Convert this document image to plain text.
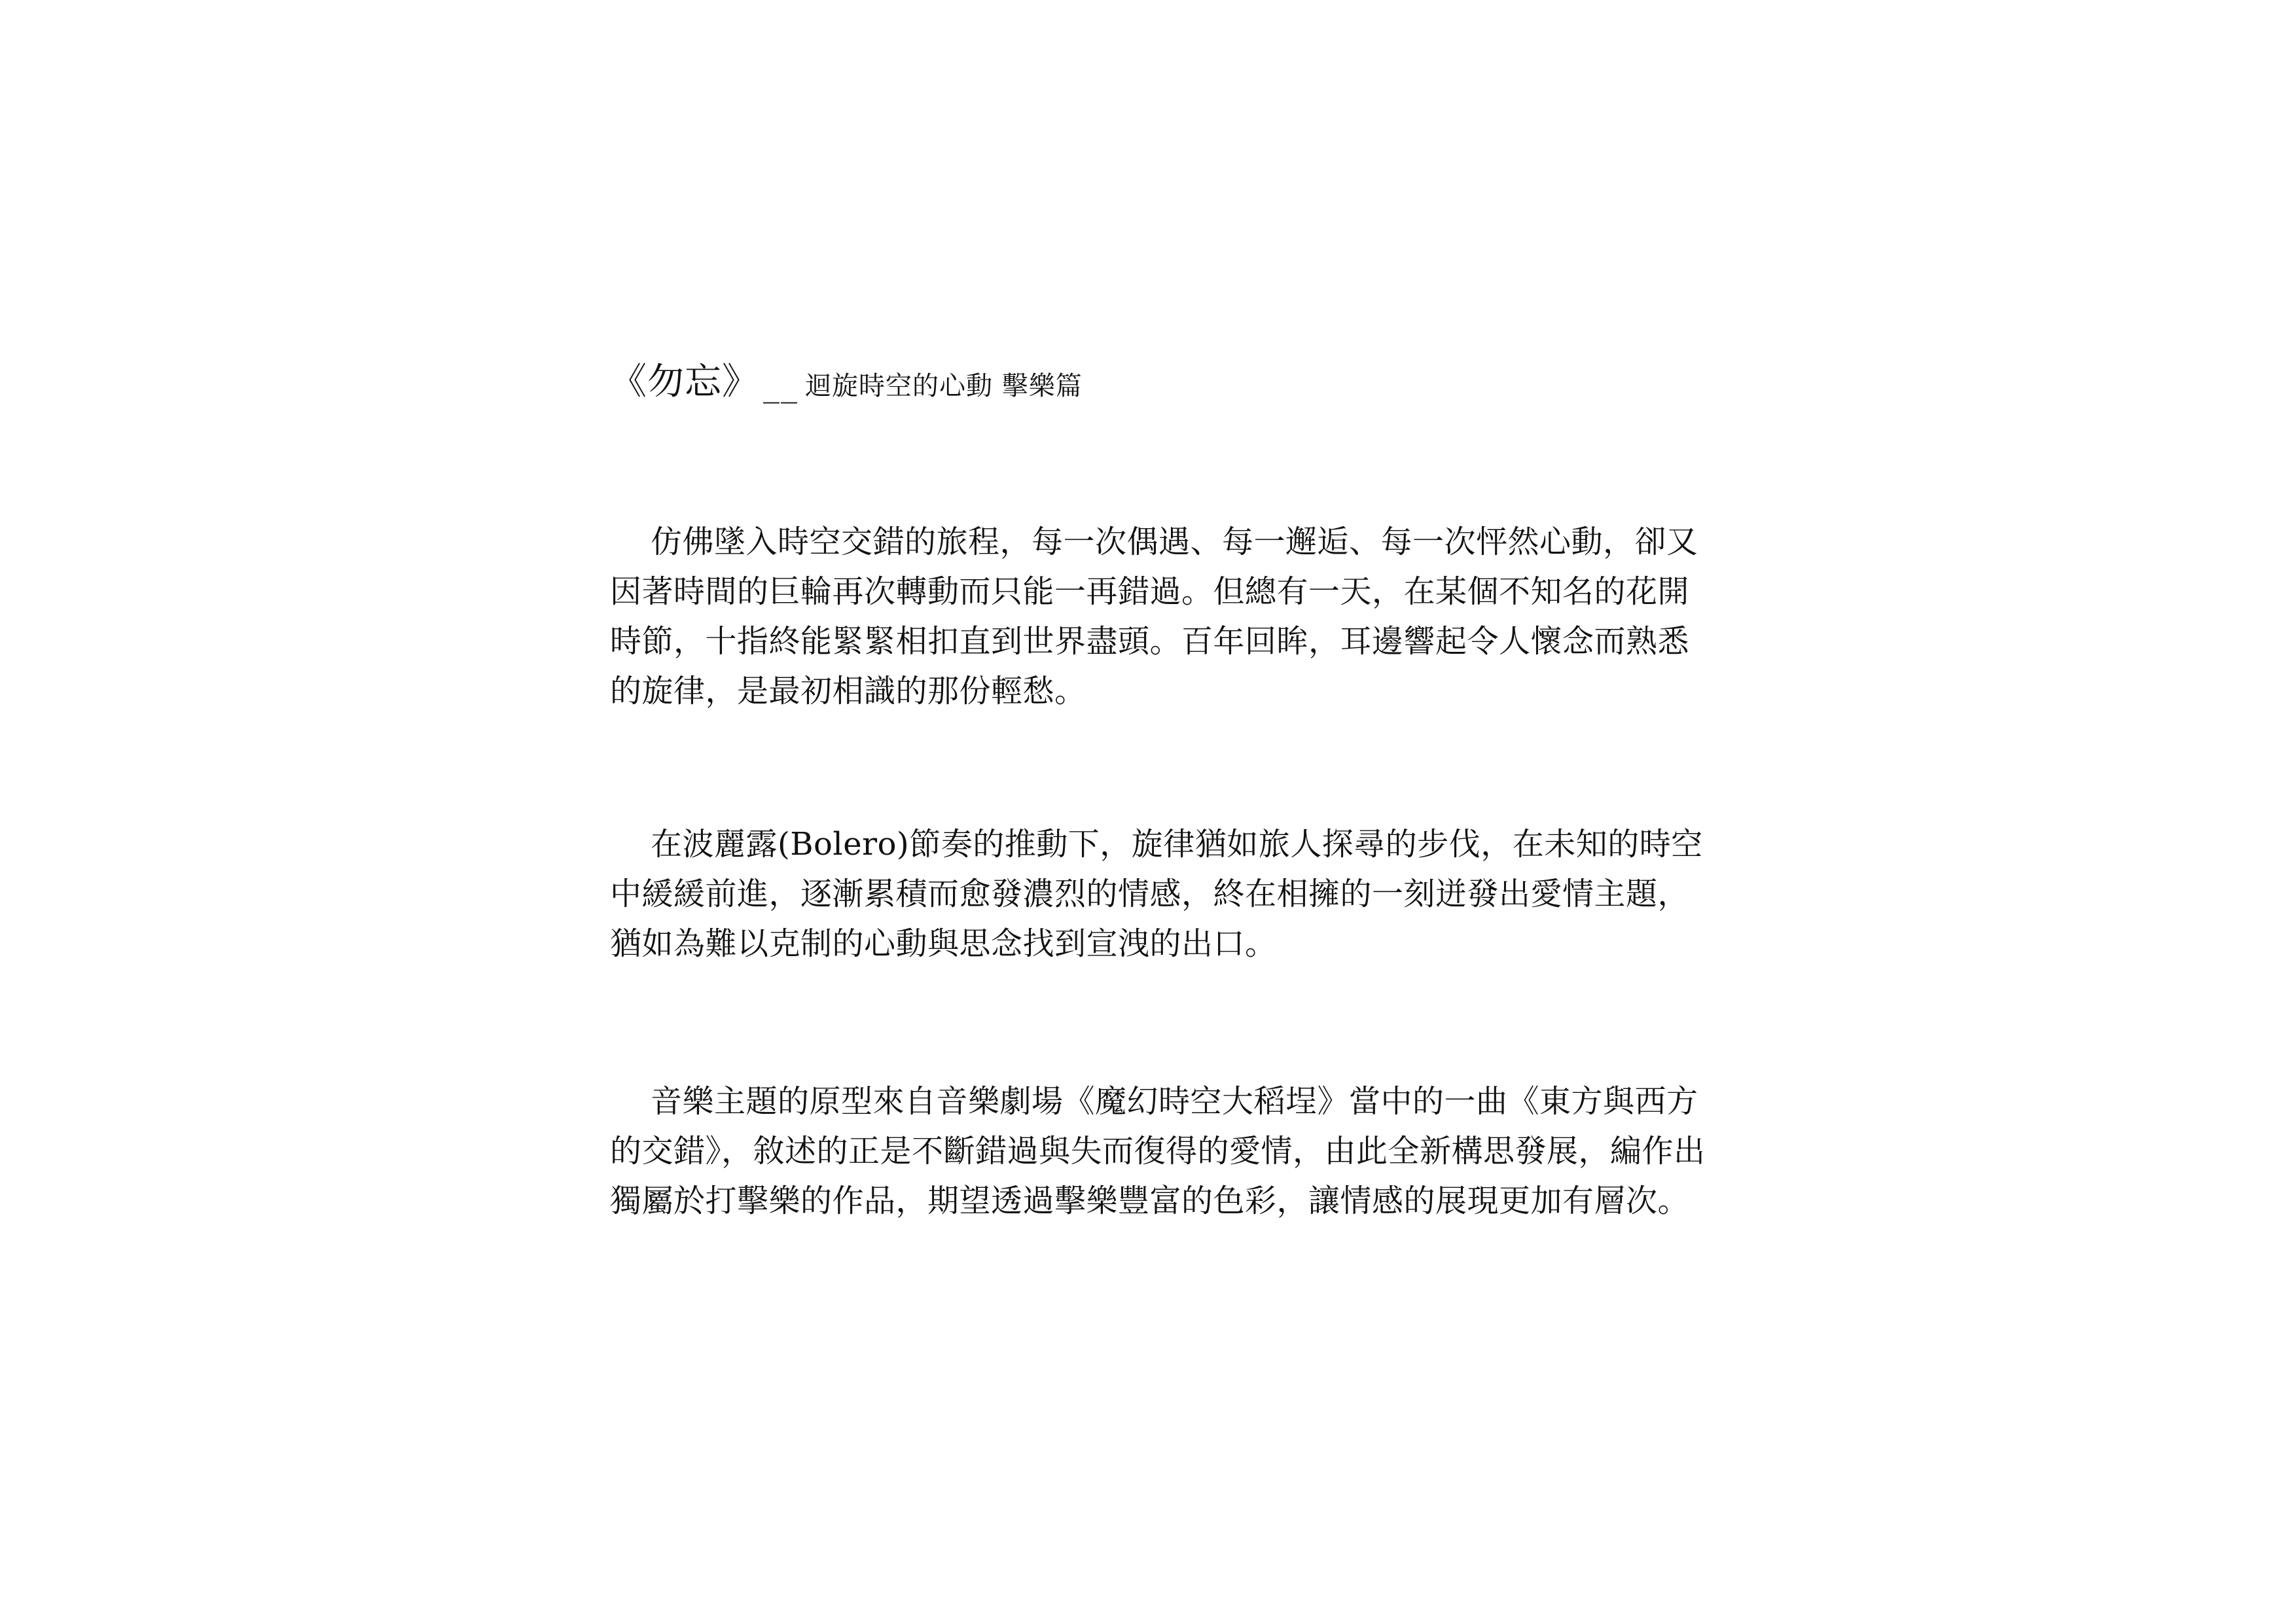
《勿忘》 __ 迴旋時空的心動 擊樂篇

仿佛墜入時空交錯的旅程，每一次偶遇、每一邂逅、每一次怦然心動，卻又因著時間的巨輪再次轉動而只能一再錯過。但總有一天，在某個不知名的花開時節，十指終能緊緊相扣直到世界盡頭。百年回眸，耳邊響起令人懷念而熟悉的旋律，是最初相識的那份輕愁。

在波麗露(Bolero)節奏的推動下，旋律猶如旅人探尋的步伐，在未知的時空中緩緩前進，逐漸累積而愈發濃烈的情感，終在相擁的一刻迸發出愛情主題，猶如為難以克制的心動與思念找到宣洩的出口。

音樂主題的原型來自音樂劇場《魔幻時空大稻埕》當中的一曲《東方與西方的交錯》，敘述的正是不斷錯過與失而復得的愛情，由此全新構思發展，編作出獨屬於打擊樂的作品，期望透過擊樂豐富的色彩，讓情感的展現更加有層次。
